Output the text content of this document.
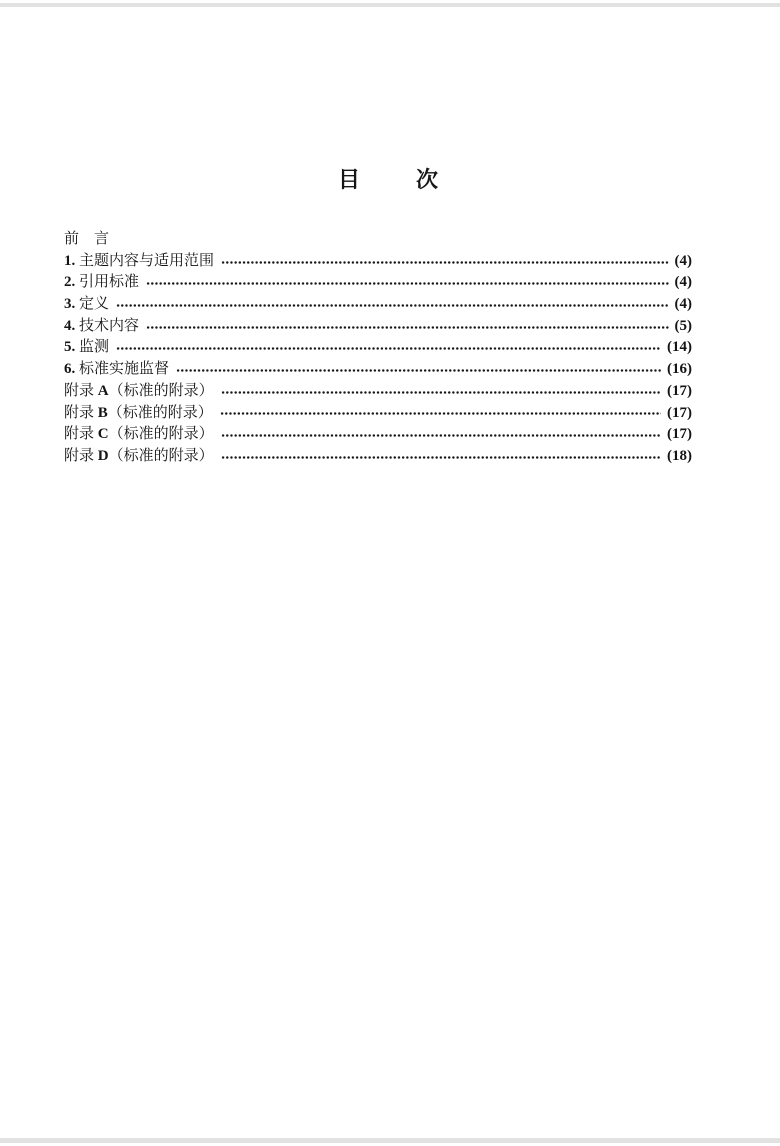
目　　次
前　言
1. 主题内容与适用范围	(4)
2. 引用标准	(4)
3. 定义	(4)
4. 技术内容	(5)
5. 监测	(14)
6. 标准实施监督	(16)
附录 A （标准的附录）	(17)
附录 B （标准的附录）	(17)
附录 C （标准的附录）	(17)
附录 D （标准的附录）	(18)
